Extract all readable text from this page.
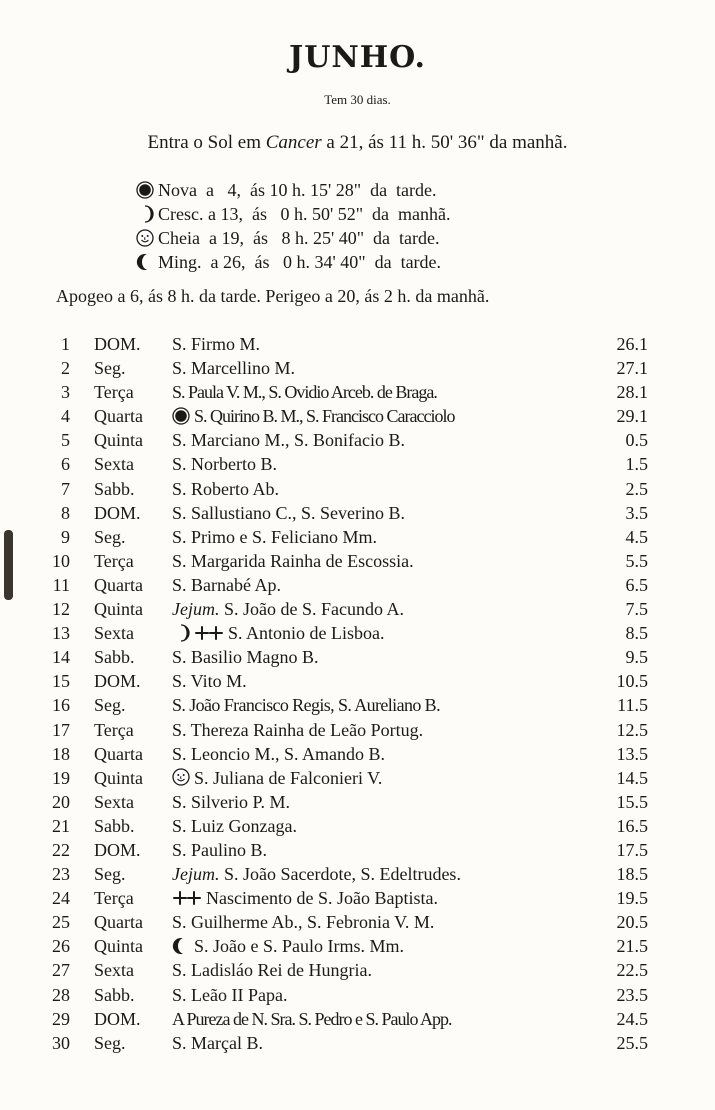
JUNHO.
Tem 30 dias.
Entra o Sol em Cancer a 21, ás 11 h. 50' 36" da manhã.
Nova  a   4,  ás 10 h. 15' 28"  da  tarde.
Cresc. a 13,  ás   0 h. 50' 52"  da  manhã.
Cheia  a 19,  ás   8 h. 25' 40"  da  tarde.
Ming.  a 26,  ás   0 h. 34' 40"  da  tarde.
Apogeo a 6, ás 8 h. da tarde. Perigeo a 20, ás 2 h. da manhã.
1 DOM. S. Firmo M.	26.1
2 Seg.	S. Marcellino M.	27.1
3 Terça S. Paula V. M., S. Ovidio Arceb. de Braga.	28.1
4 Quarta	S. Quirino B. M., S. Francisco Caracciolo	29.1
5 Quinta S. Marciano M., S. Bonifacio B.	0.5
6 Sexta S. Norberto B.	1.5
7 Sabb. S. Roberto Ab.	2.5
8 DOM. S. Sallustiano C., S. Severino B.	3.5
9 Seg.	S. Primo e S. Feliciano Mm.	4.5
10 Terça S. Margarida Rainha de Escossia.	5.5
11 Quarta S. Barnabé Ap.	6.5
12 Quinta Jejum. S. João de S. Facundo A.	7.5
13 Sexta	S. Antonio de Lisboa.	8.5
14 Sabb. S. Basilio Magno B.	9.5
15 DOM. S. Vito M.	10.5
16 Seg.	S. João Francisco Regis, S. Aureliano B.	11.5
17 Terça S. Thereza Rainha de Leão Portug.	12.5
18 Quarta S. Leoncio M., S. Amando B.	13.5
19 Quinta	S. Juliana de Falconieri V.	14.5
20 Sexta S. Silverio P. M.	15.5
21 Sabb. S. Luiz Gonzaga.	16.5
22 DOM. S. Paulino B.	17.5
23 Seg.	Jejum. S. João Sacerdote, S. Edeltrudes.	18.5
24 Terça	Nascimento de S. João Baptista.	19.5
25 Quarta S. Guilherme Ab., S. Febronia V. M.	20.5
26 Quinta	S. João e S. Paulo Irms. Mm.	21.5
27 Sexta S. Ladisláo Rei de Hungria.	22.5
28 Sabb. S. Leão II Papa.	23.5
29 DOM. A Pureza de N. Sra. S. Pedro e S. Paulo App.	24.5
30 Seg.	S. Marçal B.	25.5
